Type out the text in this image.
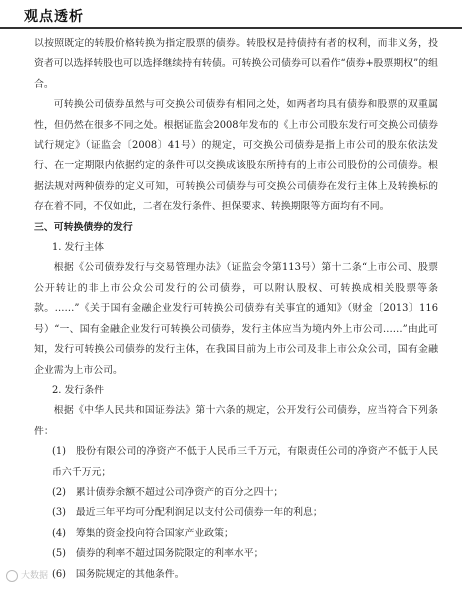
观点透析

以按照既定的转股价格转换为指定股票的债券。转股权是持债持有者的权利，而非义务，投资者可以选择转股也可以选择继续持有转债。可转换公司债券可以看作“债券+股票期权”的组合。

可转换公司债券虽然与可交换公司债券有相同之处，如两者均具有债券和股票的双重属性，但仍然在很多不同之处。根据证监会2008年发布的《上市公司股东发行可交换公司债券试行规定》（证监会〔2008〕41号）的规定，可交换公司债券是指上市公司的股东依法发行、在一定期限内依据约定的条件可以交换成该股东所持有的上市公司股份的公司债券。根据法规对两种债券的定义可知，可转换公司债券与可交换公司债券在发行主体上及转换标的存在着不同，不仅如此，二者在发行条件、担保要求、转换期限等方面均有不同。

三、可转换债券的发行

1. 发行主体

根据《公司债券发行与交易管理办法》（证监会令第113号）第十二条“上市公司、股票公开转让的非上市公众公司发行的公司债券，可以附认股权、可转换成相关股票等条款。……”《关于国有金融企业发行可转换公司债券有关事宜的通知》（财金〔2013〕116号）“一、国有金融企业发行可转换公司债券，发行主体应当为境内外上市公司……”由此可知，发行可转换公司债券的发行主体，在我国目前为上市公司及非上市公众公司，国有金融企业需为上市公司。

2. 发行条件

根据《中华人民共和国证券法》第十六条的规定，公开发行公司债券，应当符合下列条件：

(1)　股份有限公司的净资产不低于人民币三千万元，有限责任公司的净资产不低于人民币六千万元；

(2)　累计债券余额不超过公司净资产的百分之四十；

(3)　最近三年平均可分配利润足以支付公司债券一年的利息；

(4)　筹集的资金投向符合国家产业政策；

(5)　债券的利率不超过国务院限定的利率水平；

(6)　国务院规定的其他条件。

大数据
